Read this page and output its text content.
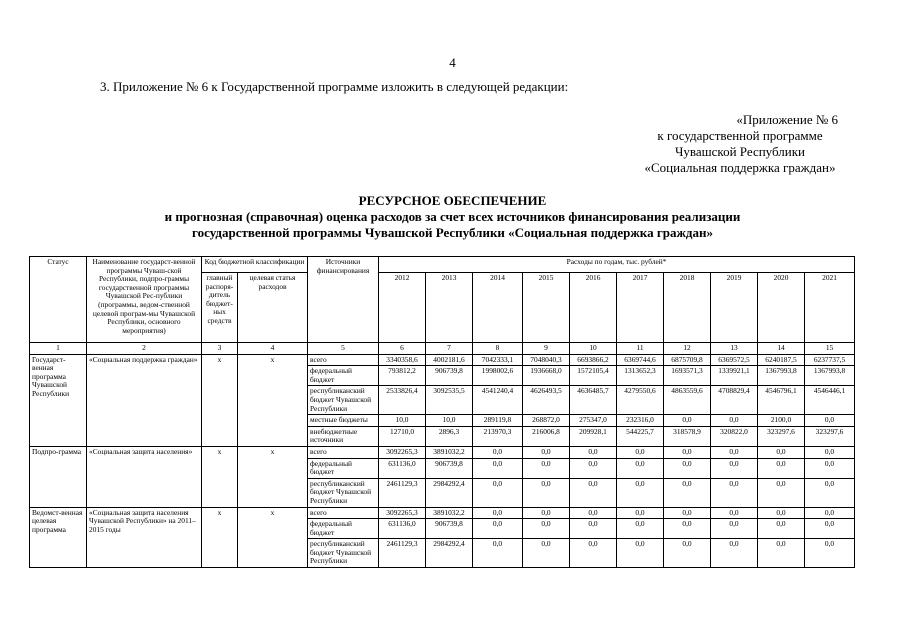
4
3. Приложение № 6 к Государственной программе изложить в следующей редакции:
«Приложение № 6
к государственной программе
Чувашской Республики
«Социальная поддержка граждан»
РЕСУРСНОЕ ОБЕСПЕЧЕНИЕ
и прогнозная (справочная) оценка расходов за счет всех источников финансирования реализации
государственной программы Чувашской Республики «Социальная поддержка граждан»
Статус	Наименование государст-венной программы Чуваш-ской Республики, подпро-граммы государственной программы Чувашской Рес-публики (программы, ведом-ственной целевой програм-мы Чувашской Республики, основного мероприятия)	Код бюджетной классификации		Источники финансирования	Расходы по годам, тыс. рублей*									
		главный распоря-дитель бюджет-ных средств	целевая статья расходов		2012	2013	2014	2015	2016	2017	2018	2019	2020	2021
1	2	3	4	5	6	7	8	9	10	11	12	13	14	15
Государст-венная программа Чувашской Республики	«Социальная поддержка граждан»	x	x	всего	3340358,6	4002181,6	7042333,1	7048040,3	6693866,2	6369744,6	6875709,8	6369572,5	6240187,5	6237737,5
				федеральный бюджет	793812,2	906739,8	1998002,6	1936668,0	1572105,4	1313652,3	1693571,3	1339921,1	1367993,8	1367993,8
				республиканский бюджет Чувашской Республики	2533826,4	3092535,5	4541240,4	4626493,5	4636485,7	4279550,6	4863559,6	4708829,4	4546796,1	4546446,1
				местные бюджеты	10,0	10,0	289119,8	268872,0	275347,0	232316,0	0,0	0,0	2100,0	0,0
				внебюджетные источники	12710,0	2896,3	213970,3	216006,8	209928,1	544225,7	318578,9	320822,0	323297,6	323297,6
Подпро-грамма	«Социальная защита населения»	x	x	всего	3092265,3	3891032,2	0,0	0,0	0,0	0,0	0,0	0,0	0,0	0,0
				федеральный бюджет	631136,0	906739,8	0,0	0,0	0,0	0,0	0,0	0,0	0,0	0,0
				республиканский бюджет Чувашской Республики	2461129,3	2984292,4	0,0	0,0	0,0	0,0	0,0	0,0	0,0	0,0
Ведомст-венная целевая программа	«Социальная защита населения Чувашской Республики» на 2011–2015 годы	x	x	всего	3092265,3	3891032,2	0,0	0,0	0,0	0,0	0,0	0,0	0,0	0,0
				федеральный бюджет	631136,0	906739,8	0,0	0,0	0,0	0,0	0,0	0,0	0,0	0,0
				республиканский бюджет Чувашской Республики	2461129,3	2984292,4	0,0	0,0	0,0	0,0	0,0	0,0	0,0	0,0
